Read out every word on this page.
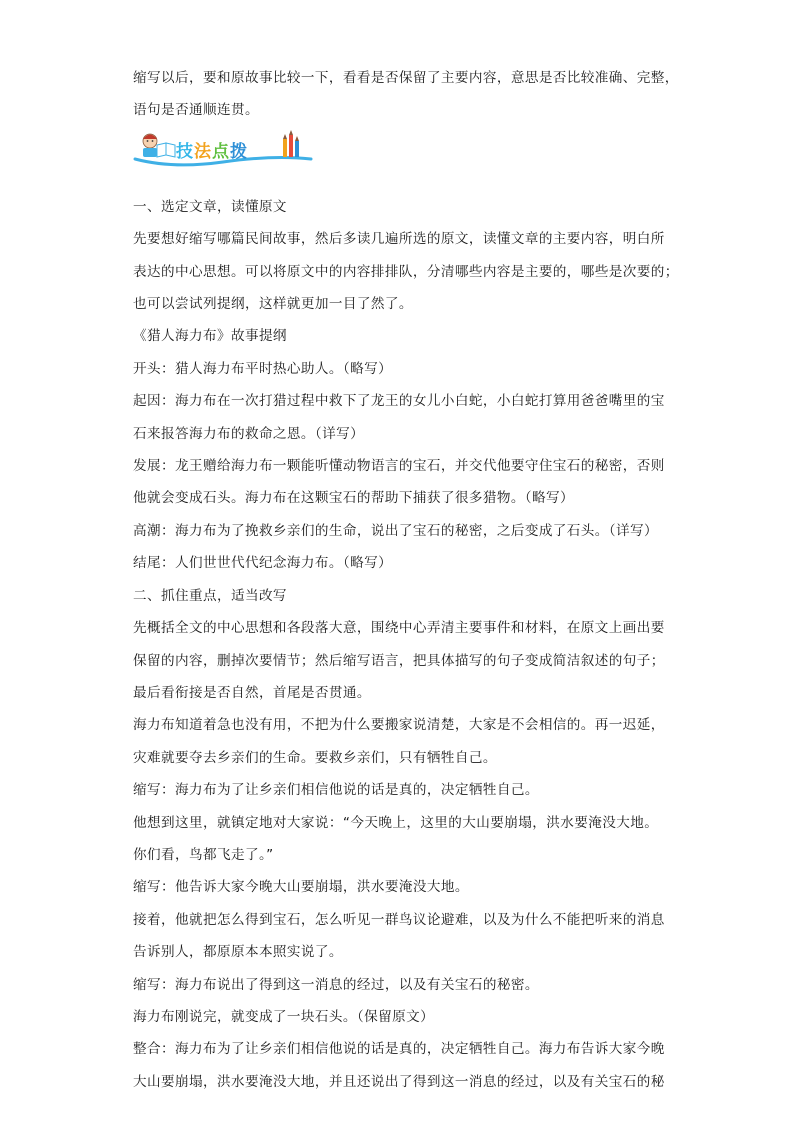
缩写以后，要和原故事比较一下，看看是否保留了主要内容，意思是否比较准确、完整，

语句是否通顺连贯。

技法点拨

一、选定文章，读懂原文

先要想好缩写哪篇民间故事，然后多读几遍所选的原文，读懂文章的主要内容，明白所

表达的中心思想。可以将原文中的内容排排队，分清哪些内容是主要的，哪些是次要的；

也可以尝试列提纲，这样就更加一目了然了。

《猎人海力布》故事提纲

开头：猎人海力布平时热心助人。（略写）

起因：海力布在一次打猎过程中救下了龙王的女儿小白蛇，小白蛇打算用爸爸嘴里的宝

石来报答海力布的救命之恩。（详写）

发展：龙王赠给海力布一颗能听懂动物语言的宝石，并交代他要守住宝石的秘密，否则

他就会变成石头。海力布在这颗宝石的帮助下捕获了很多猎物。（略写）

高潮：海力布为了挽救乡亲们的生命，说出了宝石的秘密，之后变成了石头。（详写）

结尾：人们世世代代纪念海力布。（略写）

二、抓住重点，适当改写

先概括全文的中心思想和各段落大意，围绕中心弄清主要事件和材料，在原文上画出要

保留的内容，删掉次要情节；然后缩写语言，把具体描写的句子变成简洁叙述的句子；

最后看衔接是否自然，首尾是否贯通。

海力布知道着急也没有用，不把为什么要搬家说清楚，大家是不会相信的。再一迟延，

灾难就要夺去乡亲们的生命。要救乡亲们，只有牺牲自己。

缩写：海力布为了让乡亲们相信他说的话是真的，决定牺牲自己。

他想到这里，就镇定地对大家说：“今天晚上，这里的大山要崩塌，洪水要淹没大地。

你们看，鸟都飞走了。”

缩写：他告诉大家今晚大山要崩塌，洪水要淹没大地。

接着，他就把怎么得到宝石，怎么听见一群鸟议论避难，以及为什么不能把听来的消息

告诉别人，都原原本本照实说了。

缩写：海力布说出了得到这一消息的经过，以及有关宝石的秘密。

海力布刚说完，就变成了一块石头。（保留原文）

整合：海力布为了让乡亲们相信他说的话是真的，决定牺牲自己。海力布告诉大家今晚

大山要崩塌，洪水要淹没大地，并且还说出了得到这一消息的经过，以及有关宝石的秘
